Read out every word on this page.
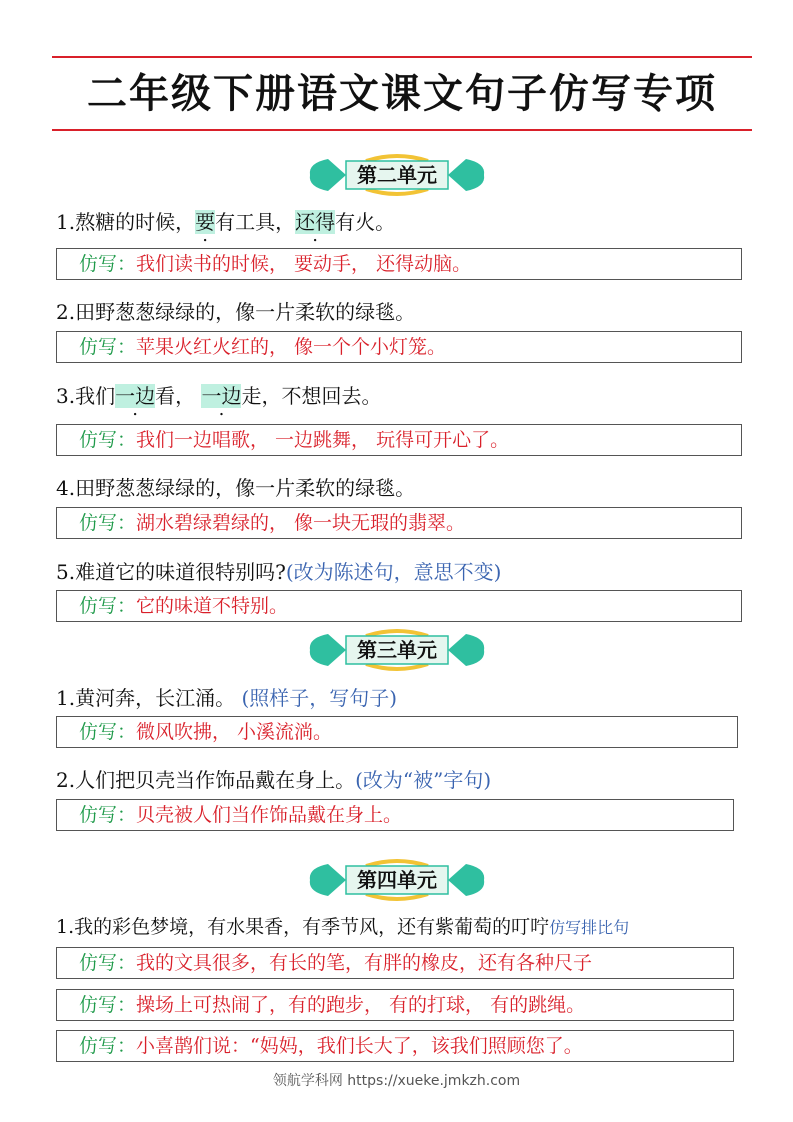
二年级下册语文课文句子仿写专项
第二单元
1.熬糖的时候，要有工具，还得有火。
仿写：我们读书的时候， 要动手， 还得动脑。
2.田野葱葱绿绿的，像一片柔软的绿毯。
仿写：苹果火红火红的， 像一个个小灯笼。
3.我们一边看， 一边走，不想回去。
仿写：我们一边唱歌， 一边跳舞， 玩得可开心了。
4.田野葱葱绿绿的，像一片柔软的绿毯。
仿写：湖水碧绿碧绿的， 像一块无瑕的翡翠。
5.难道它的味道很特别吗?(改为陈述句，意思不变)
仿写：它的味道不特别。
第三单元
1.黄河奔，长江涌。 (照样子，写句子)
仿写：微风吹拂， 小溪流淌。
2.人们把贝壳当作饰品戴在身上。(改为“被”字句)
仿写：贝壳被人们当作饰品戴在身上。
第四单元
1.我的彩色梦境，有水果香，有季节风，还有紫葡萄的叮咛仿写排比句
仿写：我的文具很多，有长的笔，有胖的橡皮，还有各种尺子
仿写：操场上可热闹了，有的跑步， 有的打球， 有的跳绳。
仿写：小喜鹊们说：“妈妈，我们长大了，该我们照顾您了。
领航学科网 https://xueke.jmkzh.com
